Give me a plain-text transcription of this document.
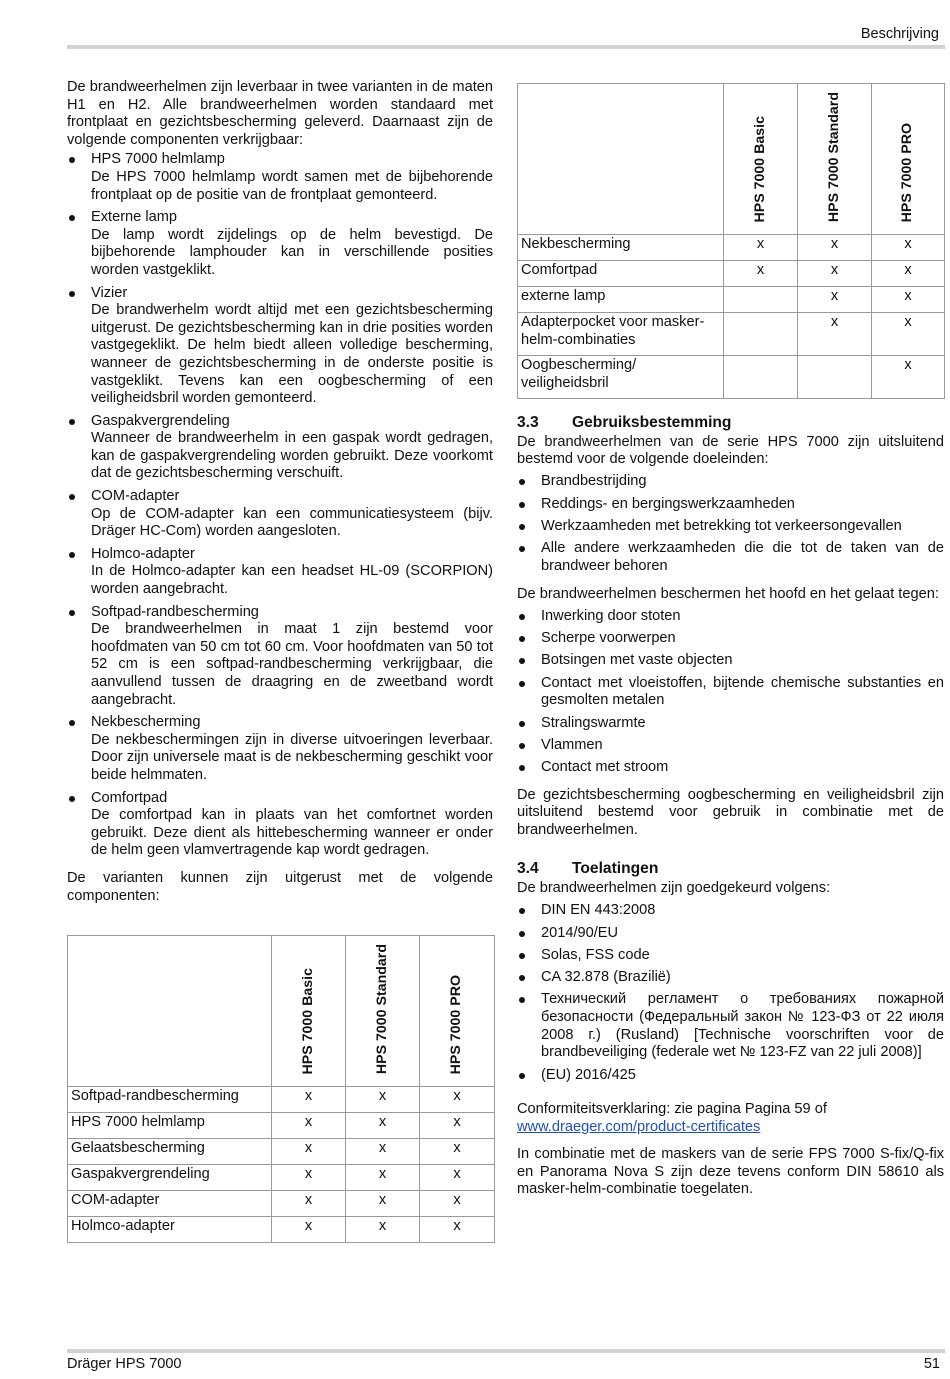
Beschrijving

De brandweerhelmen zijn leverbaar in twee varianten in de maten H1 en H2. Alle brandweerhelmen worden standaard met frontplaat en gezichtsbescherming geleverd. Daarnaast zijn de volgende componenten verkrijgbaar:

HPS 7000 helmlamp
De HPS 7000 helmlamp wordt samen met de bijbehorende frontplaat op de positie van de frontplaat gemonteerd.
Externe lamp
De lamp wordt zijdelings op de helm bevestigd. De bijbehorende lamphouder kan in verschillende posities worden vastgeklikt.
Vizier
De brandwerhelm wordt altijd met een gezichtsbescherming uitgerust. De gezichtsbescherming kan in drie posities worden vastgegeklikt. De helm biedt alleen volledige bescherming, wanneer de gezichtsbescherming in de onderste positie is vastgeklikt. Tevens kan een oogbescherming of een veiligheidsbril worden gemonteerd.
Gaspakvergrendeling
Wanneer de brandweerhelm in een gaspak wordt gedragen, kan de gaspakvergrendeling worden gebruikt. Deze voorkomt dat de gezichtsbescherming verschuift.
COM-adapter
Op de COM-adapter kan een communicatiesysteem (bijv. Dräger HC-Com) worden aangesloten.
Holmco-adapter
In de Holmco-adapter kan een headset HL-09 (SCORPION) worden aangebracht.
Softpad-randbescherming
De brandweerhelmen in maat 1 zijn bestemd voor hoofdmaten van 50 cm tot 60 cm. Voor hoofdmaten van 50 tot 52 cm is een softpad-randbescherming verkrijgbaar, die aanvullend tussen de draagring en de zweetband wordt aangebracht.
Nekbescherming
De nekbeschermingen zijn in diverse uitvoeringen leverbaar. Door zijn universele maat is de nekbescherming geschikt voor beide helmmaten.
Comfortpad
De comfortpad kan in plaats van het comfortnet worden gebruikt. Deze dient als hittebescherming wanneer er onder de helm geen vlamvertragende kap wordt gedragen.

De varianten kunnen zijn uitgerust met de volgende componenten:

	HPS 7000 Basic	HPS 7000 Standard	HPS 7000 PRO
Softpad-randbescherming	x	x	x
HPS 7000 helmlamp	x	x	x
Gelaatsbescherming	x	x	x
Gaspakvergrendeling	x	x	x
COM-adapter	x	x	x
Holmco-adapter	x	x	x
	HPS 7000 Basic	HPS 7000 Standard	HPS 7000 PRO
Nekbescherming	x	x	x
Comfortpad	x	x	x
externe lamp		x	x
Adapterpocket voor masker-helm-combinaties		x	x
Oogbescherming/ veiligheidsbril			x
3.3	Gebruiksbestemming

De brandweerhelmen van de serie HPS 7000 zijn uitsluitend bestemd voor de volgende doeleinden:

Brandbestrijding
Reddings- en bergingswerkzaamheden
Werkzaamheden met betrekking tot verkeersongevallen
Alle andere werkzaamheden die die tot de taken van de brandweer behoren

De brandweerhelmen beschermen het hoofd en het gelaat tegen:

Inwerking door stoten
Scherpe voorwerpen
Botsingen met vaste objecten
Contact met vloeistoffen, bijtende chemische substanties en gesmolten metalen
Stralingswarmte
Vlammen
Contact met stroom

De gezichtsbescherming oogbescherming en veiligheidsbril zijn uitsluitend bestemd voor gebruik in combinatie met de brandweerhelmen.

3.4	Toelatingen

De brandweerhelmen zijn goedgekeurd volgens:

DIN EN 443:2008
2014/90/EU
Solas, FSS code
CA 32.878 (Brazilië)
Технический регламент о требованиях пожарной безопасности (Федеральный закон № 123-ФЗ от 22 июля 2008 г.) (Rusland) [Technische voorschriften voor de brandbeveiliging (federale wet № 123-FZ van 22 juli 2008)]
(EU) 2016/425

Conformiteitsverklaring: zie pagina Pagina 59 of
www.draeger.com/product-certificates

In combinatie met de maskers van de serie FPS 7000 S-fix/Q-fix en Panorama Nova S zijn deze tevens conform DIN 58610 als masker-helm-combinatie toegelaten.

Dräger HPS 7000	51
